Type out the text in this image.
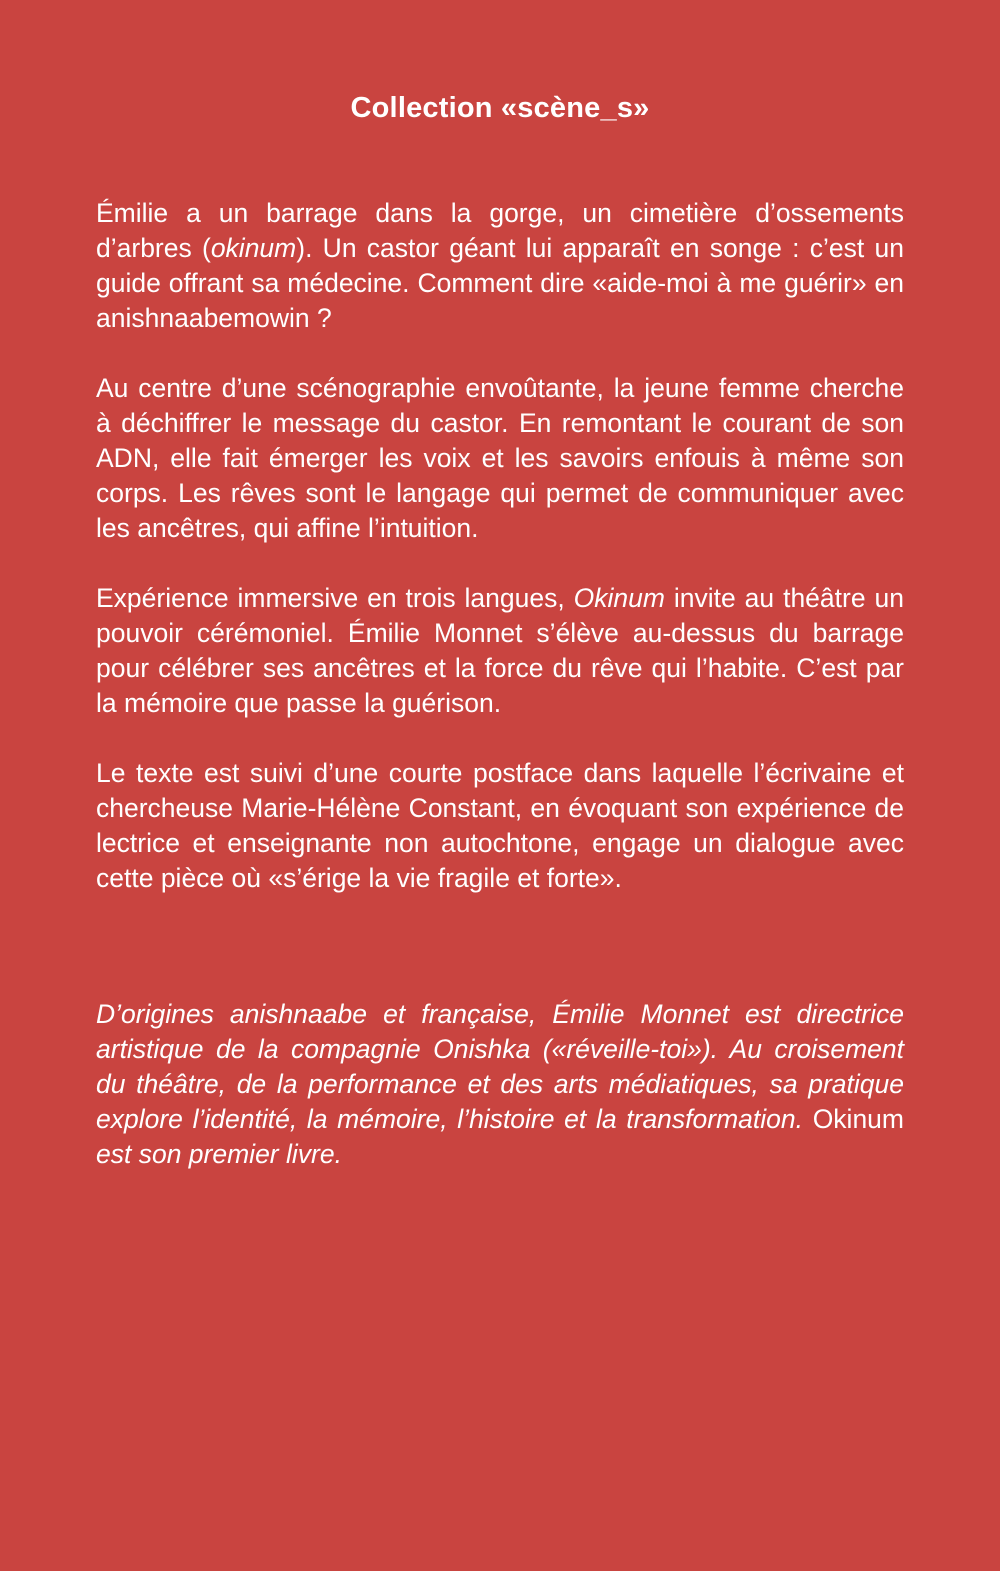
Collection «scène_s»

Émilie a un barrage dans la gorge, un cimetière d’ossements d’arbres (okinum). Un castor géant lui apparaît en songe : c’est un guide offrant sa médecine. Comment dire «aide-moi à me guérir» en anishnaabemowin ?

Au centre d’une scénographie envoûtante, la jeune femme cherche à déchiffrer le message du castor. En remontant le courant de son ADN, elle fait émerger les voix et les savoirs enfouis à même son corps. Les rêves sont le langage qui permet de communiquer avec les ancêtres, qui affine l’intuition.

Expérience immersive en trois langues, Okinum invite au théâtre un pouvoir cérémoniel. Émilie Monnet s’élève au-dessus du barrage pour célébrer ses ancêtres et la force du rêve qui l’habite. C’est par la mémoire que passe la guérison.

Le texte est suivi d’une courte postface dans laquelle l’écrivaine et chercheuse Marie-Hélène Constant, en évoquant son expérience de lectrice et enseignante non autochtone, engage un dialogue avec cette pièce où «s’érige la vie fragile et forte».

D’origines anishnaabe et française, Émilie Monnet est directrice artistique de la compagnie Onishka («réveille-toi»). Au croisement du théâtre, de la performance et des arts médiatiques, sa pratique explore l’identité, la mémoire, l’histoire et la transformation. Okinum est son premier livre.
